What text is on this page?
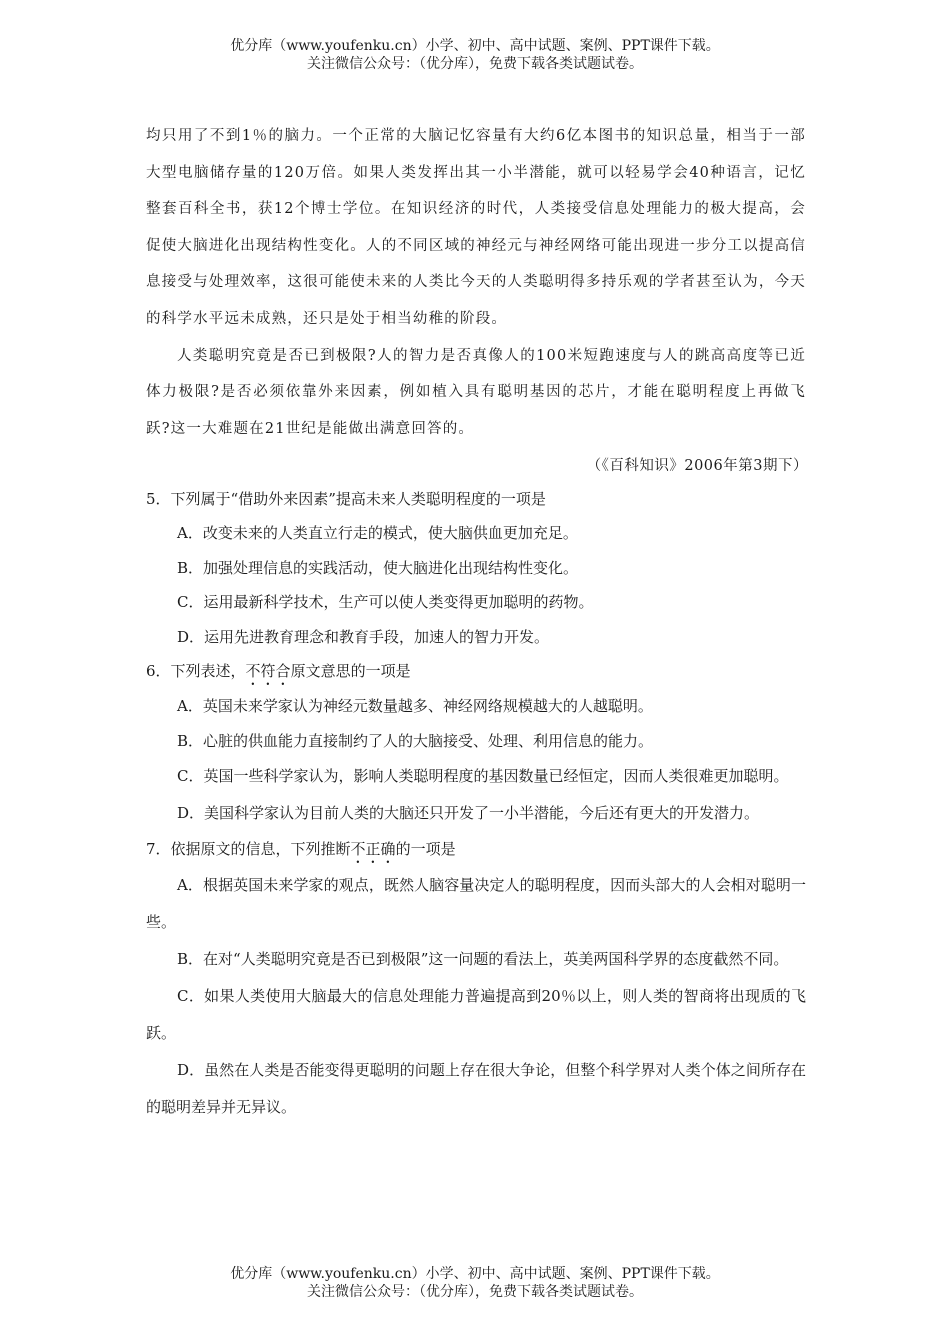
优分库（www.youfenku.cn）小学、初中、高中试题、案例、PPT课件下载。
关注微信公众号：（优分库），免费下载各类试题试卷。

均只用了不到1％的脑力。一个正常的大脑记忆容量有大约6亿本图书的知识总量，相当于一部大型电脑储存量的120万倍。如果人类发挥出其一小半潜能，就可以轻易学会40种语言，记忆整套百科全书，获12个博士学位。在知识经济的时代，人类接受信息处理能力的极大提高，会促使大脑进化出现结构性变化。人的不同区域的神经元与神经网络可能出现进一步分工以提高信息接受与处理效率，这很可能使未来的人类比今天的人类聪明得多持乐观的学者甚至认为，今天的科学水平远未成熟，还只是处于相当幼稚的阶段。

人类聪明究竟是否已到极限?人的智力是否真像人的100米短跑速度与人的跳高高度等已近体力极限?是否必须依靠外来因素，例如植入具有聪明基因的芯片，才能在聪明程度上再做飞跃?这一大难题在21世纪是能做出满意回答的。

（《百科知识》2006年第3期下）

5．下列属于“借助外来因素”提高未来人类聪明程度的一项是

A．改变未来的人类直立行走的模式，使大脑供血更加充足。

B．加强处理信息的实践活动，使大脑进化出现结构性变化。

C．运用最新科学技术，生产可以使人类变得更加聪明的药物。

D．运用先进教育理念和教育手段，加速人的智力开发。

6．下列表述，不符合原文意思的一项是

A．英国未来学家认为神经元数量越多、神经网络规模越大的人越聪明。

B．心脏的供血能力直接制约了人的大脑接受、处理、利用信息的能力。

C．英国一些科学家认为，影响人类聪明程度的基因数量已经恒定，因而人类很难更加聪明。

D．美国科学家认为目前人类的大脑还只开发了一小半潜能，今后还有更大的开发潜力。

7．依据原文的信息，下列推断不正确的一项是

A．根据英国未来学家的观点，既然人脑容量决定人的聪明程度，因而头部大的人会相对聪明一些。

B．在对“人类聪明究竟是否已到极限”这一问题的看法上，英美两国科学界的态度截然不同。

C．如果人类使用大脑最大的信息处理能力普遍提高到20％以上，则人类的智商将出现质的飞跃。

D．虽然在人类是否能变得更聪明的问题上存在很大争论，但整个科学界对人类个体之间所存在的聪明差异并无异议。

优分库（www.youfenku.cn）小学、初中、高中试题、案例、PPT课件下载。
关注微信公众号：（优分库），免费下载各类试题试卷。
